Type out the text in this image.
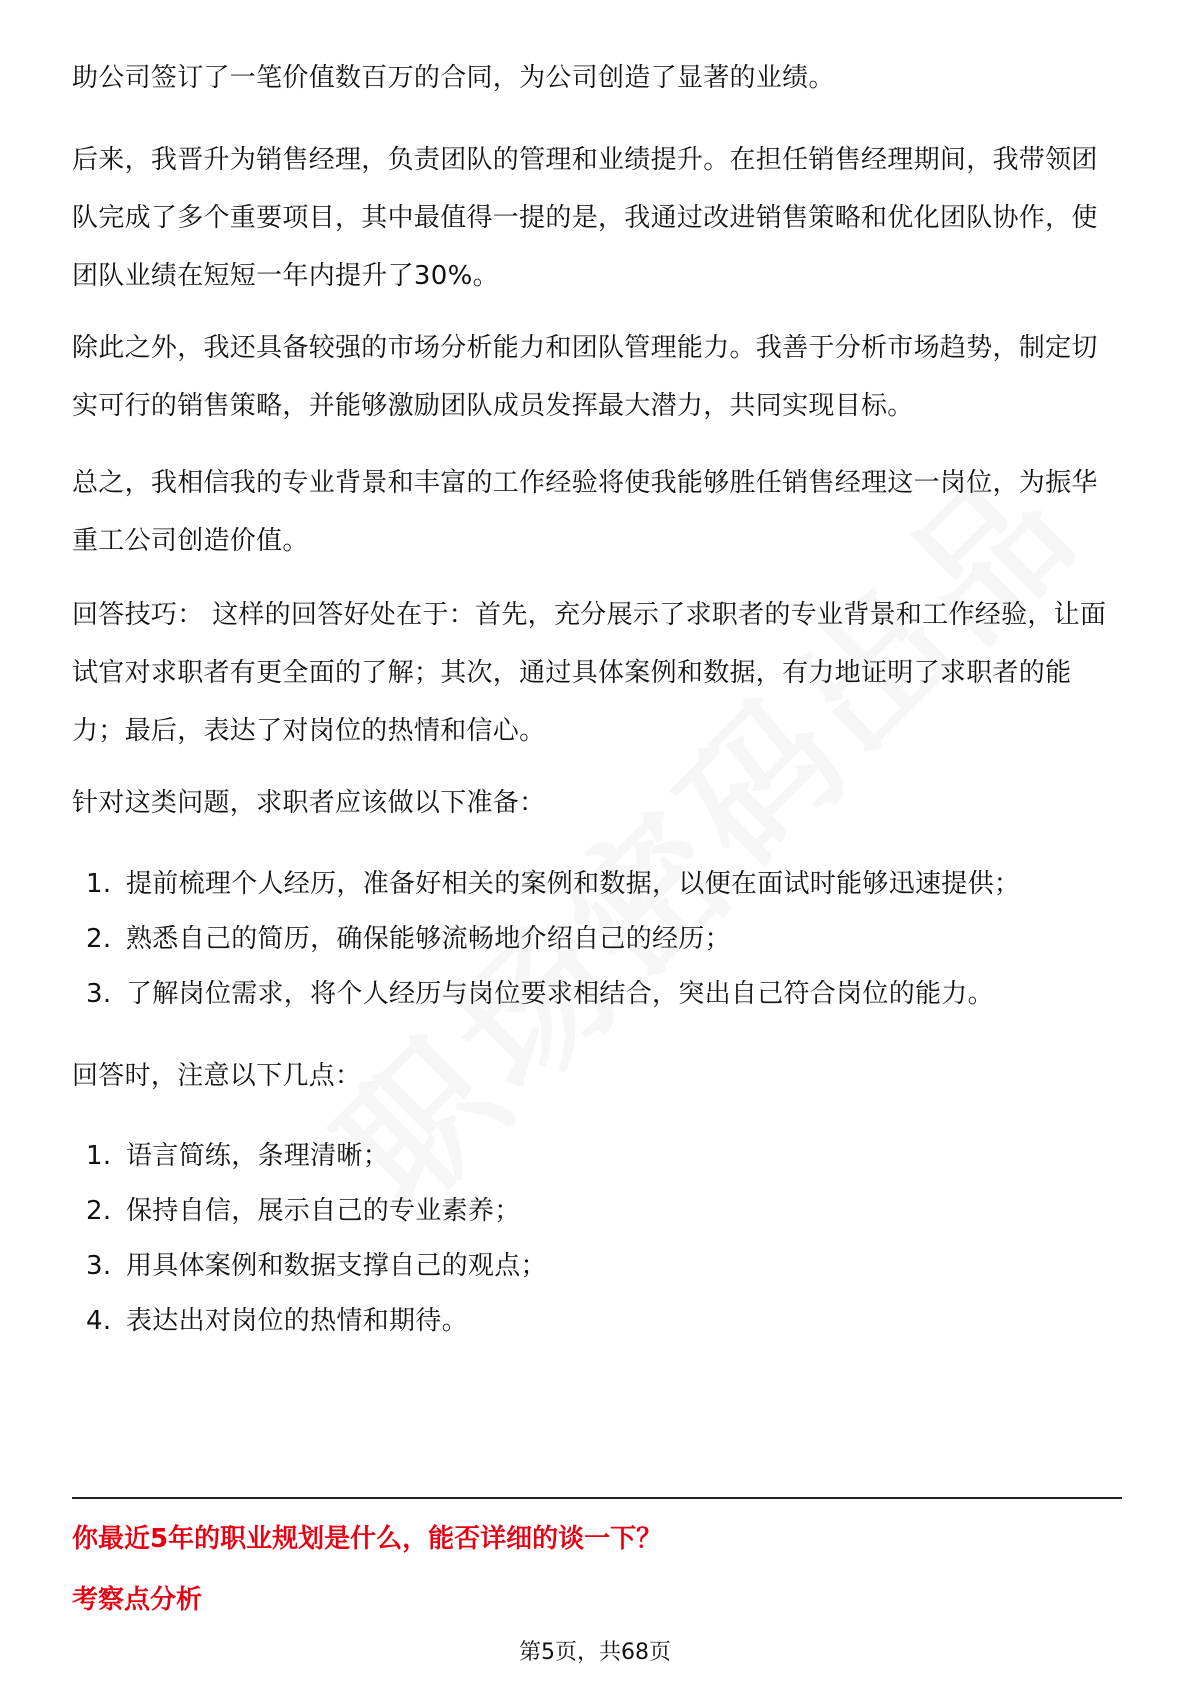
助公司签订了一笔价值数百万的合同，为公司创造了显著的业绩。

后来，我晋升为销售经理，负责团队的管理和业绩提升。在担任销售经理期间，我带领团队完成了多个重要项目，其中最值得一提的是，我通过改进销售策略和优化团队协作，使团队业绩在短短一年内提升了30%。

除此之外，我还具备较强的市场分析能力和团队管理能力。我善于分析市场趋势，制定切实可行的销售策略，并能够激励团队成员发挥最大潜力，共同实现目标。

总之，我相信我的专业背景和丰富的工作经验将使我能够胜任销售经理这一岗位，为振华重工公司创造价值。

回答技巧： 这样的回答好处在于：首先，充分展示了求职者的专业背景和工作经验，让面试官对求职者有更全面的了解；其次，通过具体案例和数据，有力地证明了求职者的能力；最后，表达了对岗位的热情和信心。

针对这类问题，求职者应该做以下准备：

1. 提前梳理个人经历，准备好相关的案例和数据，以便在面试时能够迅速提供；

2. 熟悉自己的简历，确保能够流畅地介绍自己的经历；

3. 了解岗位需求，将个人经历与岗位要求相结合，突出自己符合岗位的能力。

回答时，注意以下几点：

1. 语言简练，条理清晰；

2. 保持自信，展示自己的专业素养；

3. 用具体案例和数据支撑自己的观点；

4. 表达出对岗位的热情和期待。

你最近5年的职业规划是什么，能否详细的谈一下？

考察点分析

第5页，共68页
